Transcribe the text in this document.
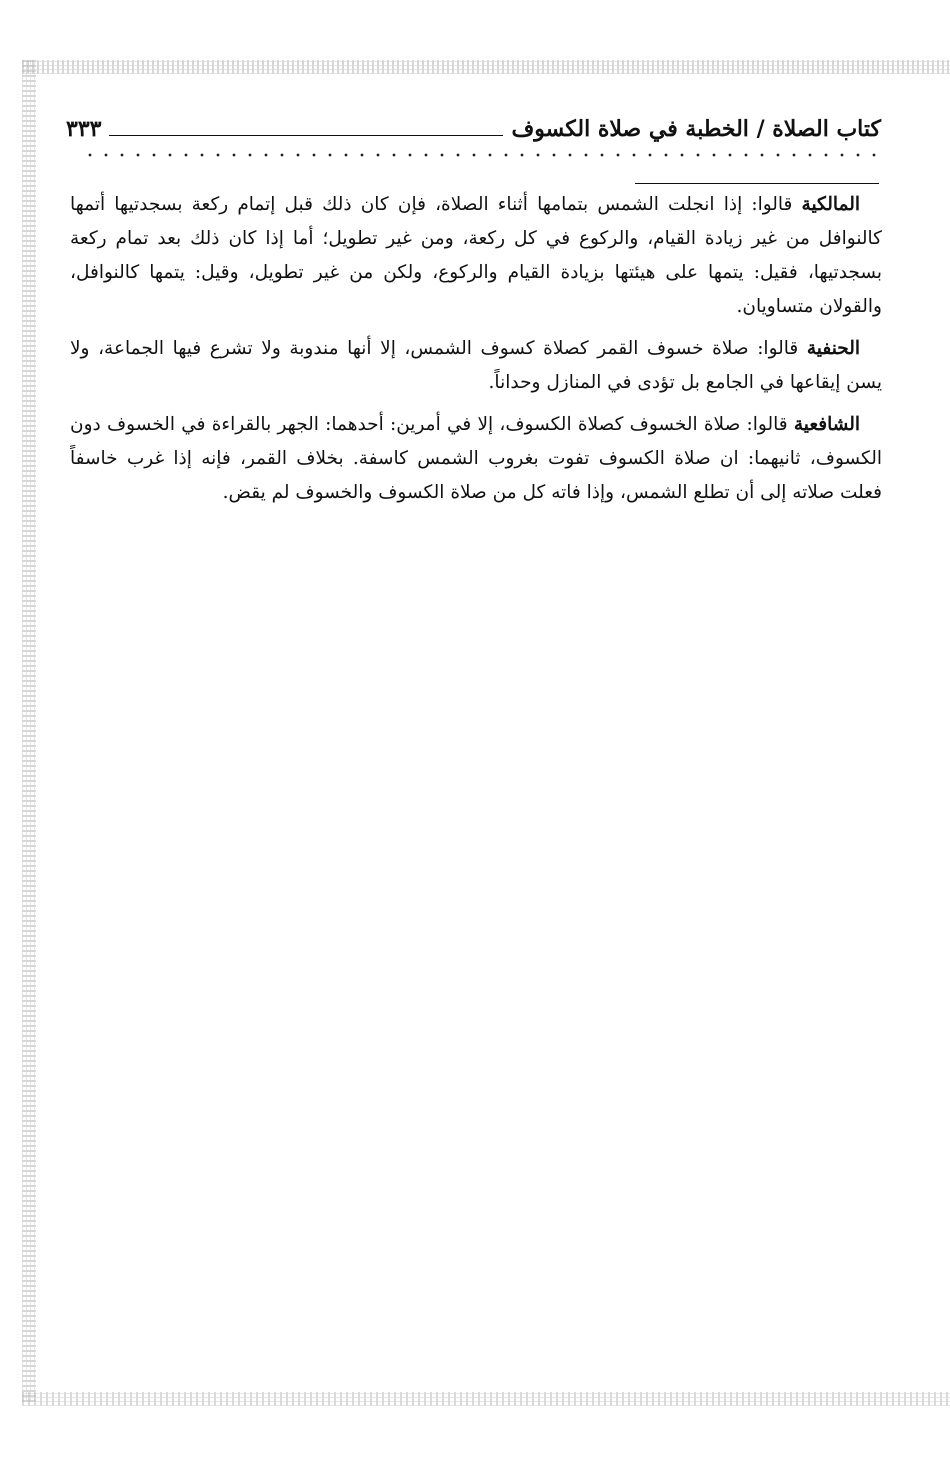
كتاب الصلاة / الخطبة في صلاة الكسوف
٣٣٣

المالكية قالوا: إذا انجلت الشمس بتمامها أثناء الصلاة، فإن كان ذلك قبل إتمام ركعة بسجدتيها أتمها كالنوافل من غير زيادة القيام، والركوع في كل ركعة، ومن غير تطويل؛ أما إذا كان ذلك بعد تمام ركعة بسجدتيها، فقيل: يتمها على هيئتها بزيادة القيام والركوع، ولكن من غير تطويل، وقيل: يتمها كالنوافل، والقولان متساويان.

الحنفية قالوا: صلاة خسوف القمر كصلاة كسوف الشمس، إلا أنها مندوبة ولا تشرع فيها الجماعة، ولا يسن إيقاعها في الجامع بل تؤدى في المنازل وحداناً.

الشافعية قالوا: صلاة الخسوف كصلاة الكسوف، إلا في أمرين: أحدهما: الجهر بالقراءة في الخسوف دون الكسوف، ثانيهما: ان صلاة الكسوف تفوت بغروب الشمس كاسفة. بخلاف القمر، فإنه إذا غرب خاسفاً فعلت صلاته إلى أن تطلع الشمس، وإذا فاته كل من صلاة الكسوف والخسوف لم يقض.
